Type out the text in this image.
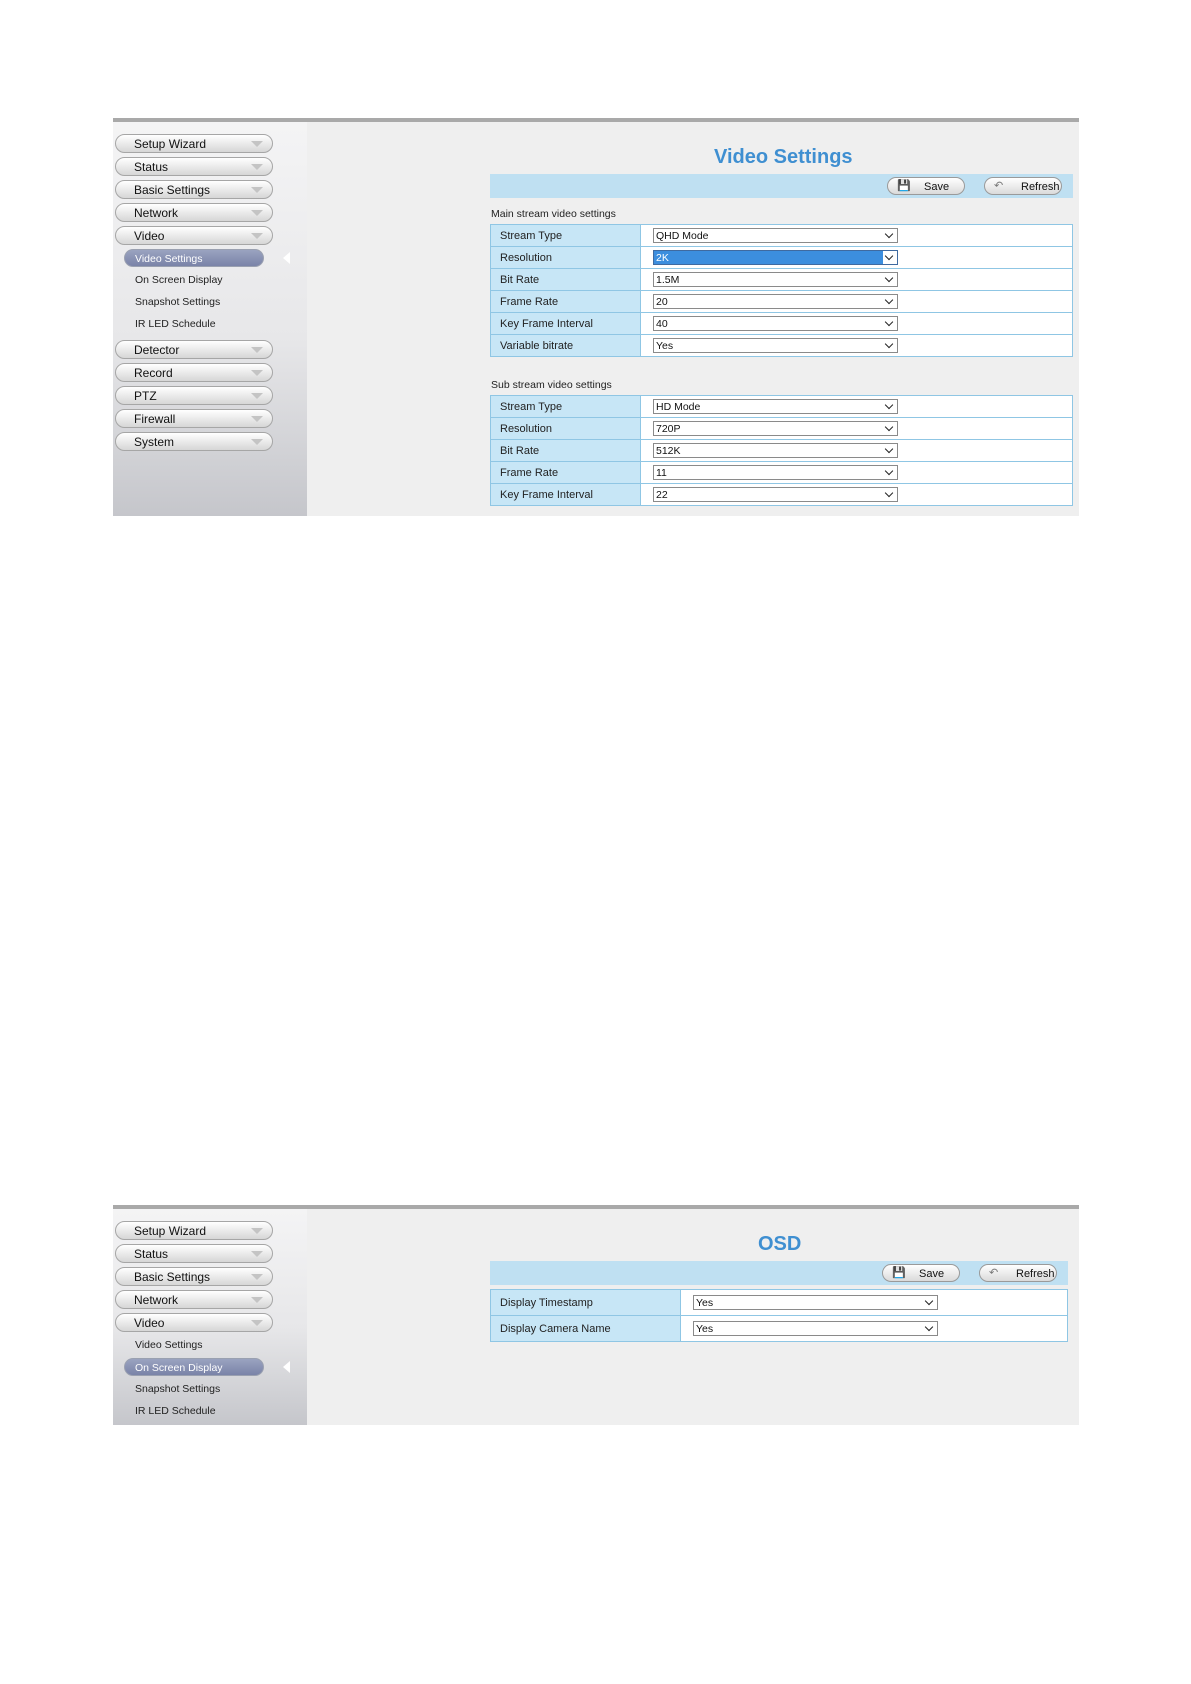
Setup Wizard
Status
Basic Settings
Network
Video
Video Settings
On Screen Display
Snapshot Settings
IR LED Schedule
Detector
Record
PTZ
Firewall
System
Video Settings
💾 Save	↶ Refresh
Main stream video settings
Stream Type	QHD Mode

Resolution	2K

Bit Rate	1.5M

Frame Rate	20

Key Frame Interval	40

Variable bitrate	Yes
Sub stream video settings
Stream Type	HD Mode

Resolution	720P

Bit Rate	512K

Frame Rate	11

Key Frame Interval	22
Setup Wizard
Status
Basic Settings
Network
Video
Video Settings
On Screen Display
Snapshot Settings
IR LED Schedule
OSD
💾 Save	↶ Refresh
Display Timestamp	Yes

Display Camera Name	Yes
